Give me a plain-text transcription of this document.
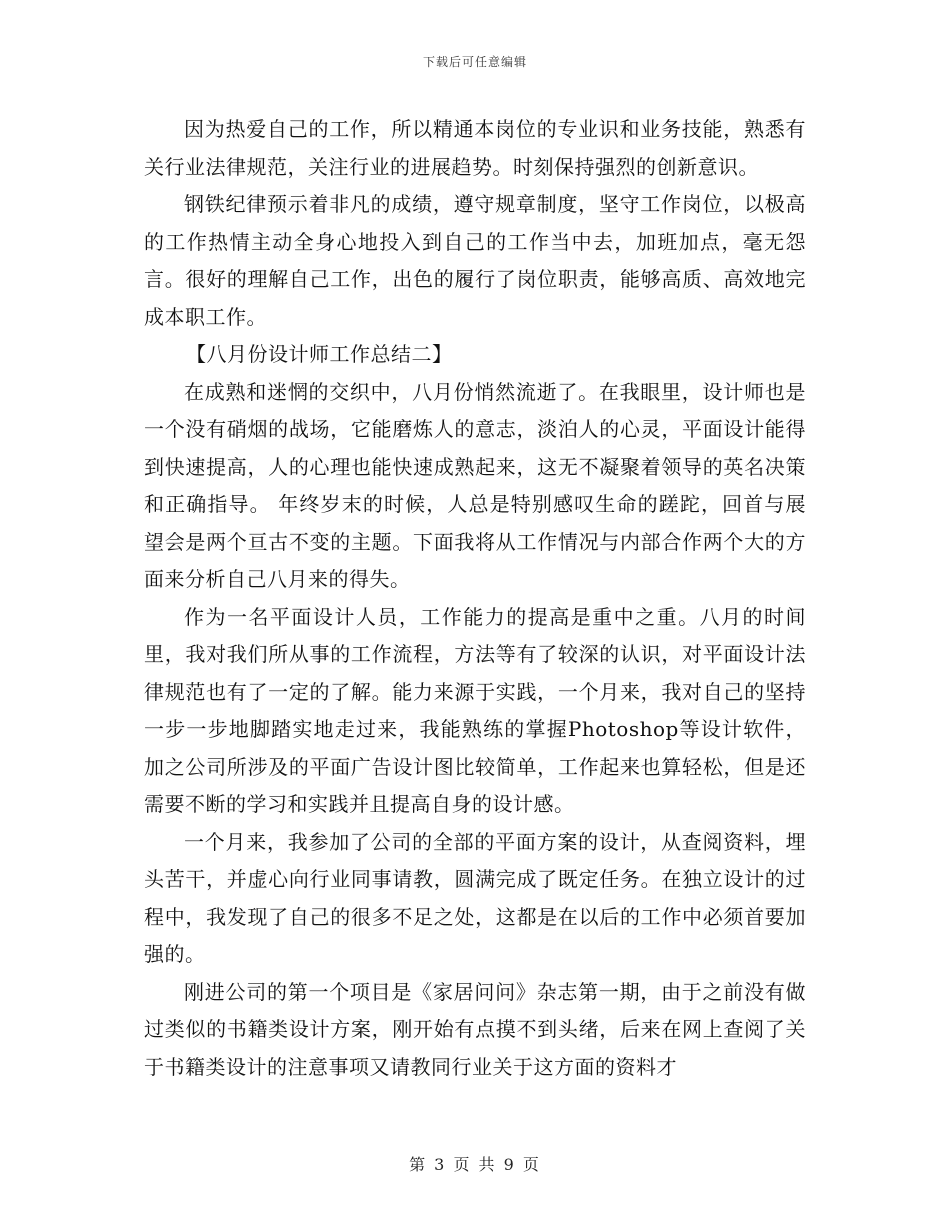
下载后可任意编辑

因为热爱自己的工作，所以精通本岗位的专业识和业务技能，熟悉有关行业法律规范，关注行业的进展趋势。时刻保持强烈的创新意识。

钢铁纪律预示着非凡的成绩，遵守规章制度，坚守工作岗位，以极高的工作热情主动全身心地投入到自己的工作当中去，加班加点，毫无怨言。很好的理解自己工作，出色的履行了岗位职责，能够高质、高效地完成本职工作。

【八月份设计师工作总结二】

在成熟和迷惘的交织中，八月份悄然流逝了。在我眼里，设计师也是一个没有硝烟的战场，它能磨炼人的意志，淡泊人的心灵，平面设计能得到快速提高，人的心理也能快速成熟起来，这无不凝聚着领导的英名决策和正确指导。 年终岁末的时候，人总是特别感叹生命的蹉跎，回首与展望会是两个亘古不变的主题。下面我将从工作情况与内部合作两个大的方面来分析自己八月来的得失。

作为一名平面设计人员，工作能力的提高是重中之重。八月的时间里，我对我们所从事的工作流程，方法等有了较深的认识，对平面设计法律规范也有了一定的了解。能力来源于实践，一个月来，我对自己的坚持一步一步地脚踏实地走过来，我能熟练的掌握Photoshop等设计软件，加之公司所涉及的平面广告设计图比较简单，工作起来也算轻松，但是还需要不断的学习和实践并且提高自身的设计感。

一个月来，我参加了公司的全部的平面方案的设计，从查阅资料，埋头苦干，并虚心向行业同事请教，圆满完成了既定任务。在独立设计的过程中，我发现了自己的很多不足之处，这都是在以后的工作中必须首要加强的。

刚进公司的第一个项目是《家居问问》杂志第一期，由于之前没有做过类似的书籍类设计方案，刚开始有点摸不到头绪，后来在网上查阅了关于书籍类设计的注意事项又请教同行业关于这方面的资料才

第 3 页 共 9 页
